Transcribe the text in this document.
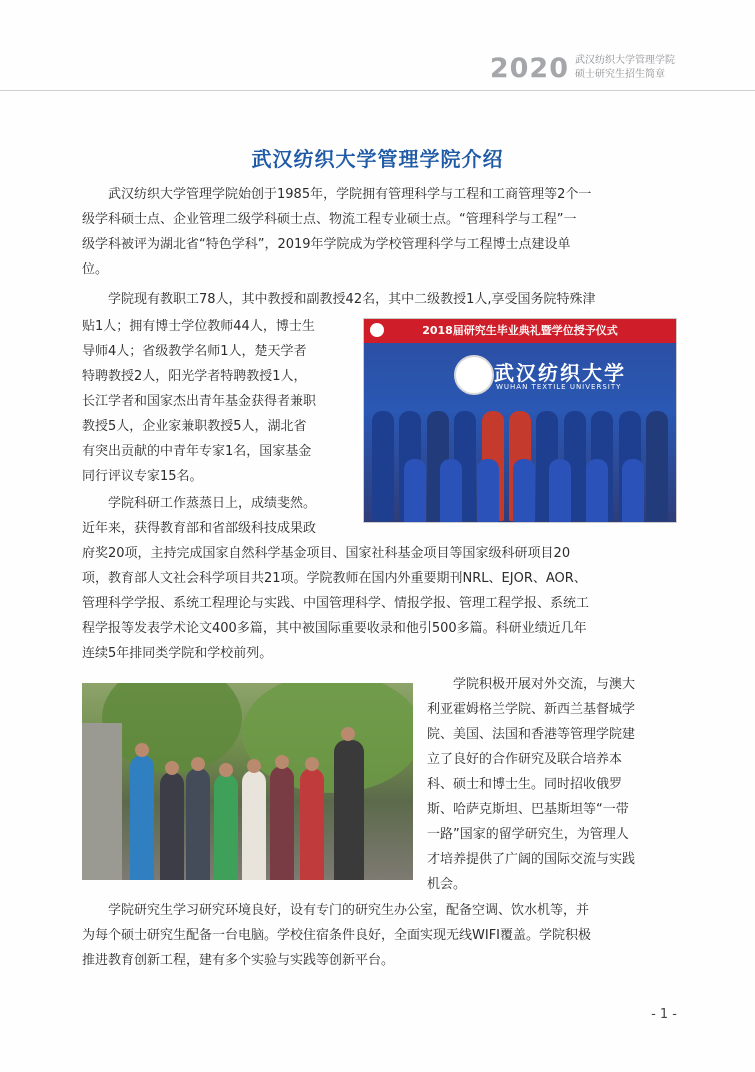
2020 武汉纺织大学管理学院
硕士研究生招生简章
武汉纺织大学管理学院介绍
武汉纺织大学管理学院始创于1985年，学院拥有管理科学与工程和工商管理等2个一
级学科硕士点、企业管理二级学科硕士点、物流工程专业硕士点。“管理科学与工程”一
级学科被评为湖北省“特色学科”，2019年学院成为学校管理科学与工程博士点建设单
位。
学院现有教职工78人，其中教授和副教授42名，其中二级教授1人,享受国务院特殊津
贴1人；拥有博士学位教师44人，博士生
导师4人；省级教学名师1人，楚天学者
特聘教授2人，阳光学者特聘教授1人，
长江学者和国家杰出青年基金获得者兼职
教授5人，企业家兼职教授5人，湖北省
有突出贡献的中青年专家1名，国家基金
同行评议专家15名。
2018届研究生毕业典礼暨学位授予仪式
武汉纺织大学
WUHAN TEXTILE UNIVERSITY
学院科研工作蒸蒸日上，成绩斐然。
近年来，获得教育部和省部级科技成果政
府奖20项，主持完成国家自然科学基金项目、国家社科基金项目等国家级科研项目20
项，教育部人文社会科学项目共21项。学院教师在国内外重要期刊NRL、EJOR、AOR、
管理科学学报、系统工程理论与实践、中国管理科学、情报学报、管理工程学报、系统工
程学报等发表学术论文400多篇，其中被国际重要收录和他引500多篇。科研业绩近几年
连续5年排同类学院和学校前列。
学院积极开展对外交流，与澳大
利亚霍姆格兰学院、新西兰基督城学
院、美国、法国和香港等管理学院建
立了良好的合作研究及联合培养本
科、硕士和博士生。同时招收俄罗
斯、哈萨克斯坦、巴基斯坦等“一带
一路”国家的留学研究生，为管理人
才培养提供了广阔的国际交流与实践
机会。
学院研究生学习研究环境良好，设有专门的研究生办公室，配备空调、饮水机等，并
为每个硕士研究生配备一台电脑。学校住宿条件良好，全面实现无线WIFI覆盖。学院积极
推进教育创新工程，建有多个实验与实践等创新平台。
- 1 -
